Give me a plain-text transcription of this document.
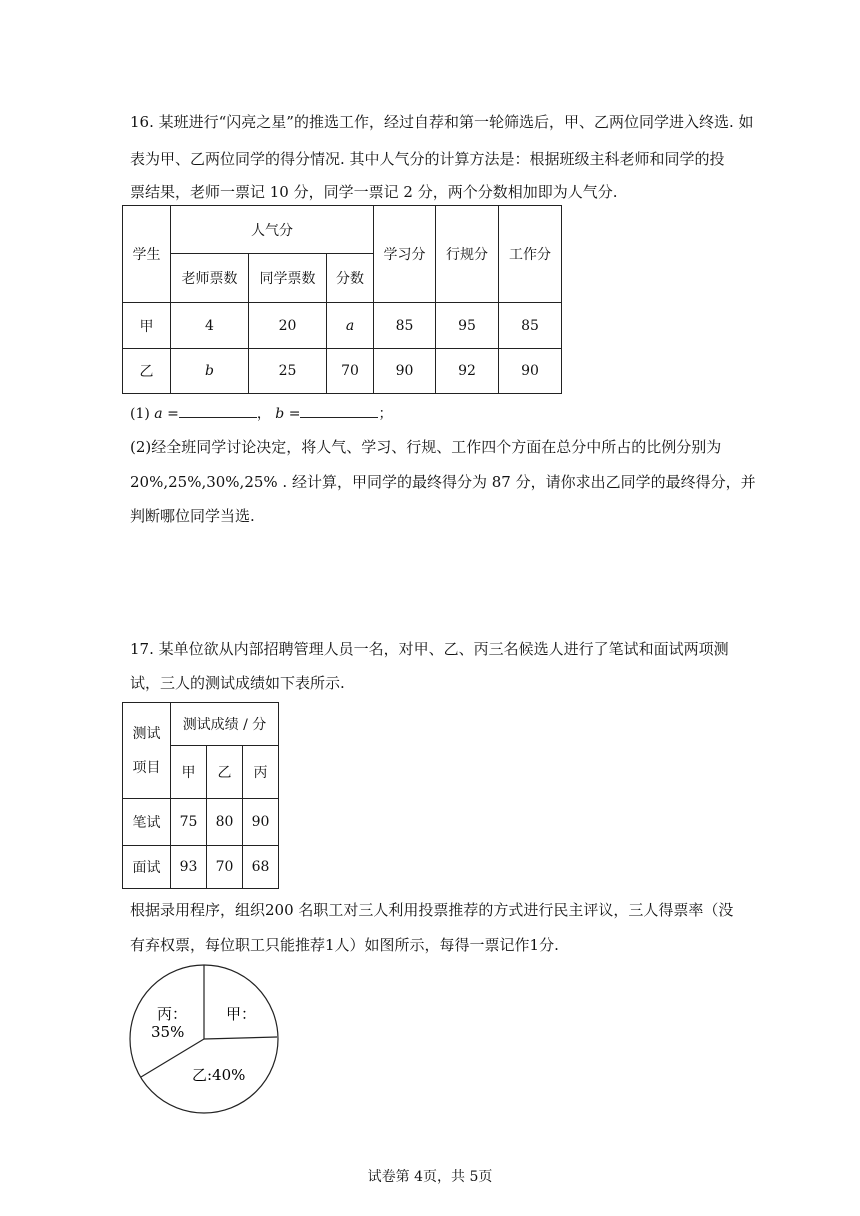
16. 某班进行“闪亮之星”的推选工作，经过自荐和第一轮筛选后，甲、乙两位同学进入终选. 如
表为甲、乙两位同学的得分情况. 其中人气分的计算方法是：根据班级主科老师和同学的投
票结果，老师一票记 10 分，同学一票记 2 分，两个分数相加即为人气分.
学生	人气分			学习分	行规分	工作分
	老师票数	同学票数	分数			
甲	4	20	a	85	95	85
乙	b	25	70	90	92	90
(1) a =	， b =	；
(2)经全班同学讨论决定，将人气、学习、行规、工作四个方面在总分中所占的比例分别为
20%,25%,30%,25% . 经计算，甲同学的最终得分为 87 分，请你求出乙同学的最终得分，并
判断哪位同学当选.
17. 某单位欲从内部招聘管理人员一名，对甲、乙、丙三名候选人进行了笔试和面试两项测
试，三人的测试成绩如下表所示.
测试
项目	测试成绩 / 分		
	甲	乙	丙
笔试	75	80	90
面试	93	70	68
根据录用程序，组织200 名职工对三人利用投票推荐的方式进行民主评议，三人得票率（没
有弃权票，每位职工只能推荐1人）如图所示，每得一票记作1分.
甲：
丙：
35%
乙:40%
试卷第 4页，共 5页
